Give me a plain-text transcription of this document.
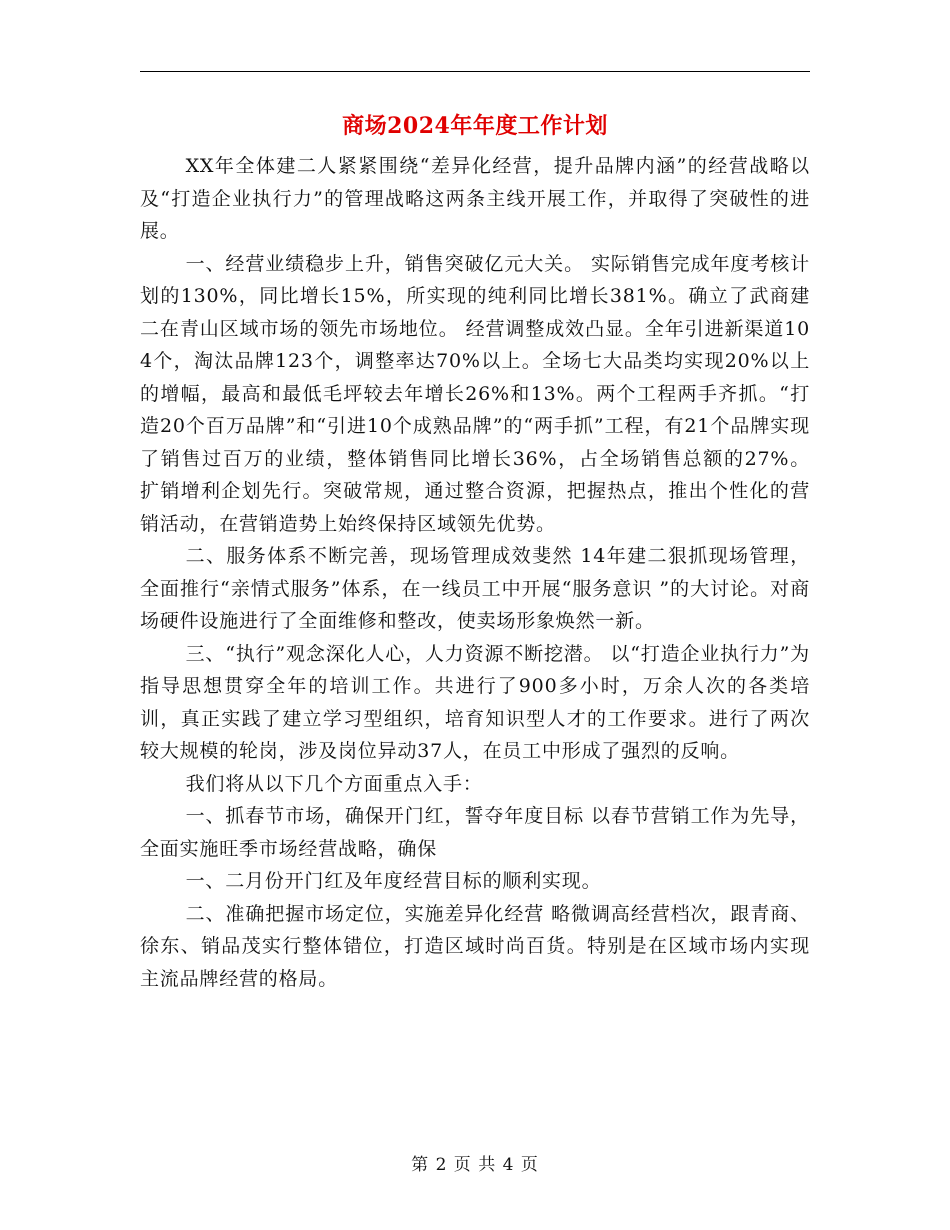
商场2024年年度工作计划

XX年全体建二人紧紧围绕“差异化经营，提升品牌内涵”的经营战略以及“打造企业执行力”的管理战略这两条主线开展工作，并取得了突破性的进展。

一、经营业绩稳步上升，销售突破亿元大关。 实际销售完成年度考核计划的130%，同比增长15%，所实现的纯利同比增长381%。确立了武商建二在青山区域市场的领先市场地位。 经营调整成效凸显。全年引进新渠道104个，淘汰品牌123个，调整率达70%以上。全场七大品类均实现20%以上的增幅，最高和最低毛坪较去年增长26%和13%。两个工程两手齐抓。“打造20个百万品牌”和“引进10个成熟品牌”的“两手抓”工程，有21个品牌实现了销售过百万的业绩，整体销售同比增长36%，占全场销售总额的27%。 扩销增利企划先行。突破常规，通过整合资源，把握热点，推出个性化的营销活动，在营销造势上始终保持区域领先优势。

二、服务体系不断完善，现场管理成效斐然 14年建二狠抓现场管理，全面推行“亲情式服务”体系，在一线员工中开展“服务意识 ”的大讨论。对商场硬件设施进行了全面维修和整改，使卖场形象焕然一新。

三、“执行”观念深化人心，人力资源不断挖潜。 以“打造企业执行力”为指导思想贯穿全年的培训工作。共进行了900多小时，万余人次的各类培训，真正实践了建立学习型组织，培育知识型人才的工作要求。进行了两次较大规模的轮岗，涉及岗位异动37人，在员工中形成了强烈的反响。

我们将从以下几个方面重点入手：

一、抓春节市场，确保开门红，誓夺年度目标 以春节营销工作为先导，全面实施旺季市场经营战略，确保

一、二月份开门红及年度经营目标的顺利实现。

二、准确把握市场定位，实施差异化经营 略微调高经营档次，跟青商、徐东、销品茂实行整体错位，打造区域时尚百货。特别是在区域市场内实现主流品牌经营的格局。

第 2 页 共 4 页
